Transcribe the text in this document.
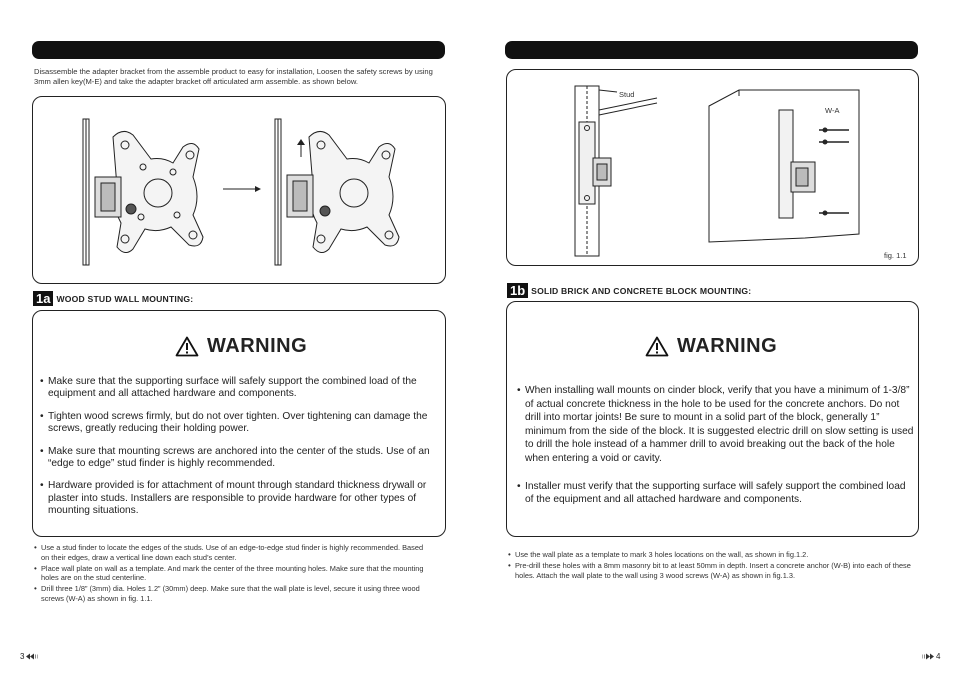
Disassemble the adapter bracket from the assemble product to easy for installation, Loosen the safety screws by using 3mm allen key(M-E) and take the adapter bracket off articulated arm assemble. as shown below.
1a WOOD STUD WALL MOUNTING:
WARNING
• Make sure that the supporting surface will safely support the combined load of the equipment and all attached hardware and components.
• Tighten wood screws firmly, but do not over tighten. Over tightening can damage the screws, greatly reducing their holding power.
• Make sure that mounting screws are anchored into the center of the studs. Use of an “edge to edge” stud finder is highly recommended.
• Hardware provided is for attachment of mount through standard thickness drywall or plaster into studs. Installers are responsible to provide hardware for other types of mounting situations.
• Use a stud finder to locate the edges of the studs. Use of an edge-to-edge stud finder is highly recommended. Based on their edges, draw a vertical line down each stud’s center.
• Place wall plate on wall as a template. And mark the center of the three mounting holes. Make sure that the mounting holes are on the stud centerline.
• Drill three 1/8” (3mm) dia. Holes 1.2” (30mm) deep. Make sure that the wall plate is level, secure it using three wood screws (W-A) as shown in fig. 1.1.
3
Stud
W-A
fig. 1.1
1b SOLID BRICK AND CONCRETE BLOCK MOUNTING:
WARNING
• When installing wall mounts on cinder block, verify that you have a minimum of 1-3/8” of actual concrete thickness in the hole to be used for the concrete anchors. Do not drill into mortar joints! Be sure to mount in a solid part of the block, generally 1” minimum from the side of the block. It is suggested electric drill on slow setting is used to drill the hole instead of a hammer drill to avoid breaking out the back of the hole when entering a void or cavity.
• Installer must verify that the supporting surface will safely support the combined load of the equipment and all attached hardware and components.
• Use the wall plate as a template to mark 3 holes locations on the wall, as shown in fig.1.2.
• Pre-drill these holes with a 8mm masonry bit to at least 50mm in depth. Insert a concrete anchor (W-B) into each of these holes. Attach the wall plate to the wall using 3 wood screws (W-A) as shown in fig.1.3.
4
